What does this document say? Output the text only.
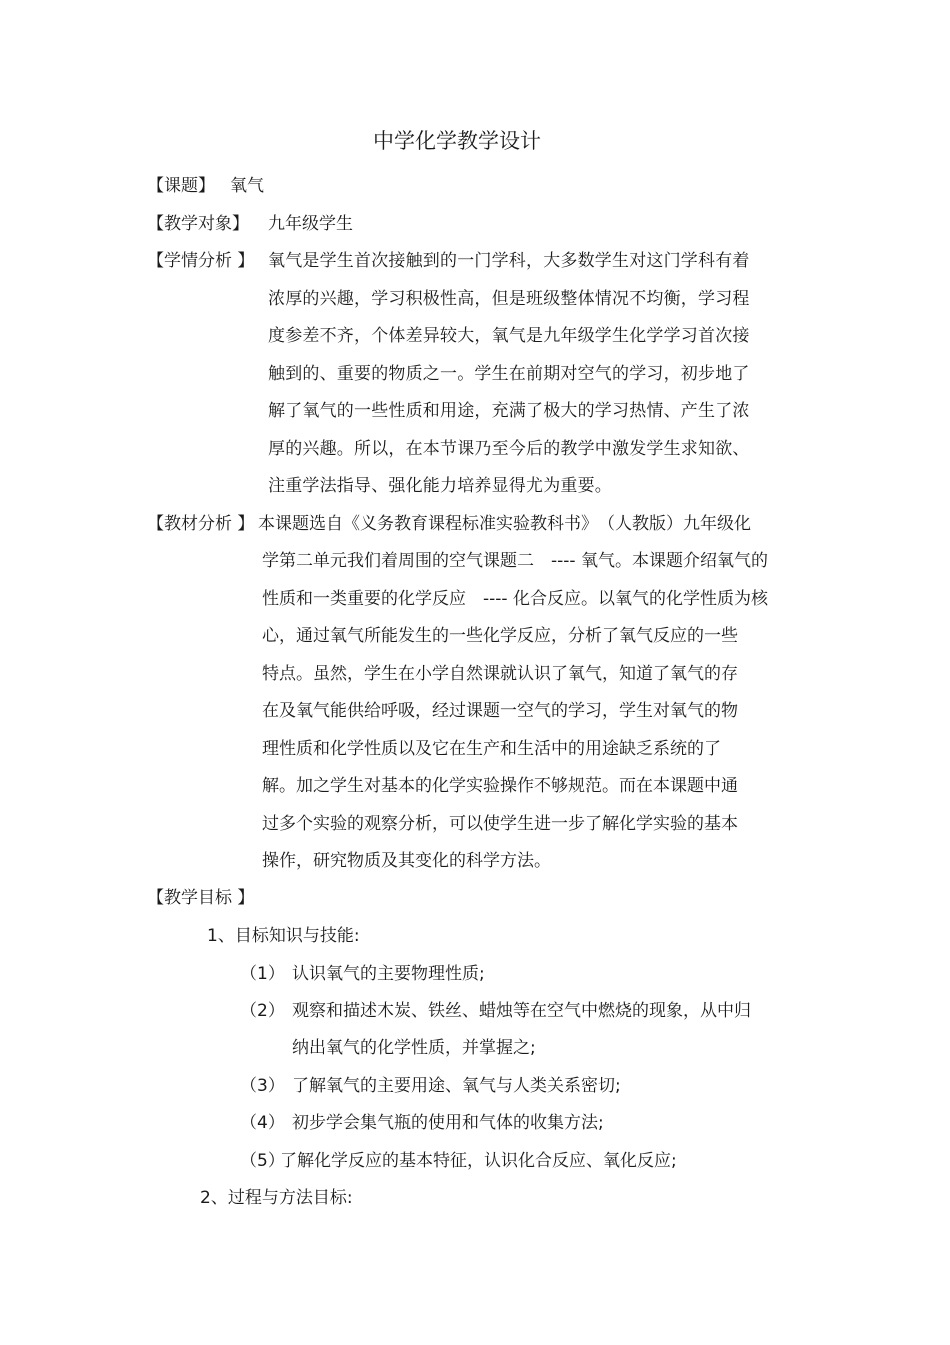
中学化学教学设计
【课题】 氧气
【教学对象】 九年级学生
【学情分析 】 氧气是学生首次接触到的一门学科，大多数学生对这门学科有着
浓厚的兴趣，学习积极性高，但是班级整体情况不均衡，学习程
度参差不齐，个体差异较大，氧气是九年级学生化学学习首次接
触到的、重要的物质之一。学生在前期对空气的学习，初步地了
解了氧气的一些性质和用途，充满了极大的学习热情、产生了浓
厚的兴趣。所以，在本节课乃至今后的教学中激发学生求知欲、
注重学法指导、强化能力培养显得尤为重要。
【教材分析 】 本课题选自《义务教育课程标准实验教科书》　（人教版）九年级化
学第二单元我们着周围的空气课题二　---- 氧气。本课题介绍氧气的
性质和一类重要的化学反应　---- 化合反应。以氧气的化学性质为核
心，通过氧气所能发生的一些化学反应，分析了氧气反应的一些
特点。虽然，学生在小学自然课就认识了氧气，知道了氧气的存
在及氧气能供给呼吸，经过课题一空气的学习，学生对氧气的物
理性质和化学性质以及它在生产和生活中的用途缺乏系统的了
解。加之学生对基本的化学实验操作不够规范。而在本课题中通
过多个实验的观察分析，可以使学生进一步了解化学实验的基本
操作，研究物质及其变化的科学方法。
【教学目标 】
1、目标知识与技能:
（1） 认识氧气的主要物理性质;
（2） 观察和描述木炭、铁丝、蜡烛等在空气中燃烧的现象，从中归
纳出氧气的化学性质，并掌握之;
（3） 了解氧气的主要用途、氧气与人类关系密切;
（4） 初步学会集气瓶的使用和气体的收集方法;
（5）
了解化学反应的基本特征，认识化合反应、氧化反应;
2、过程与方法目标:
